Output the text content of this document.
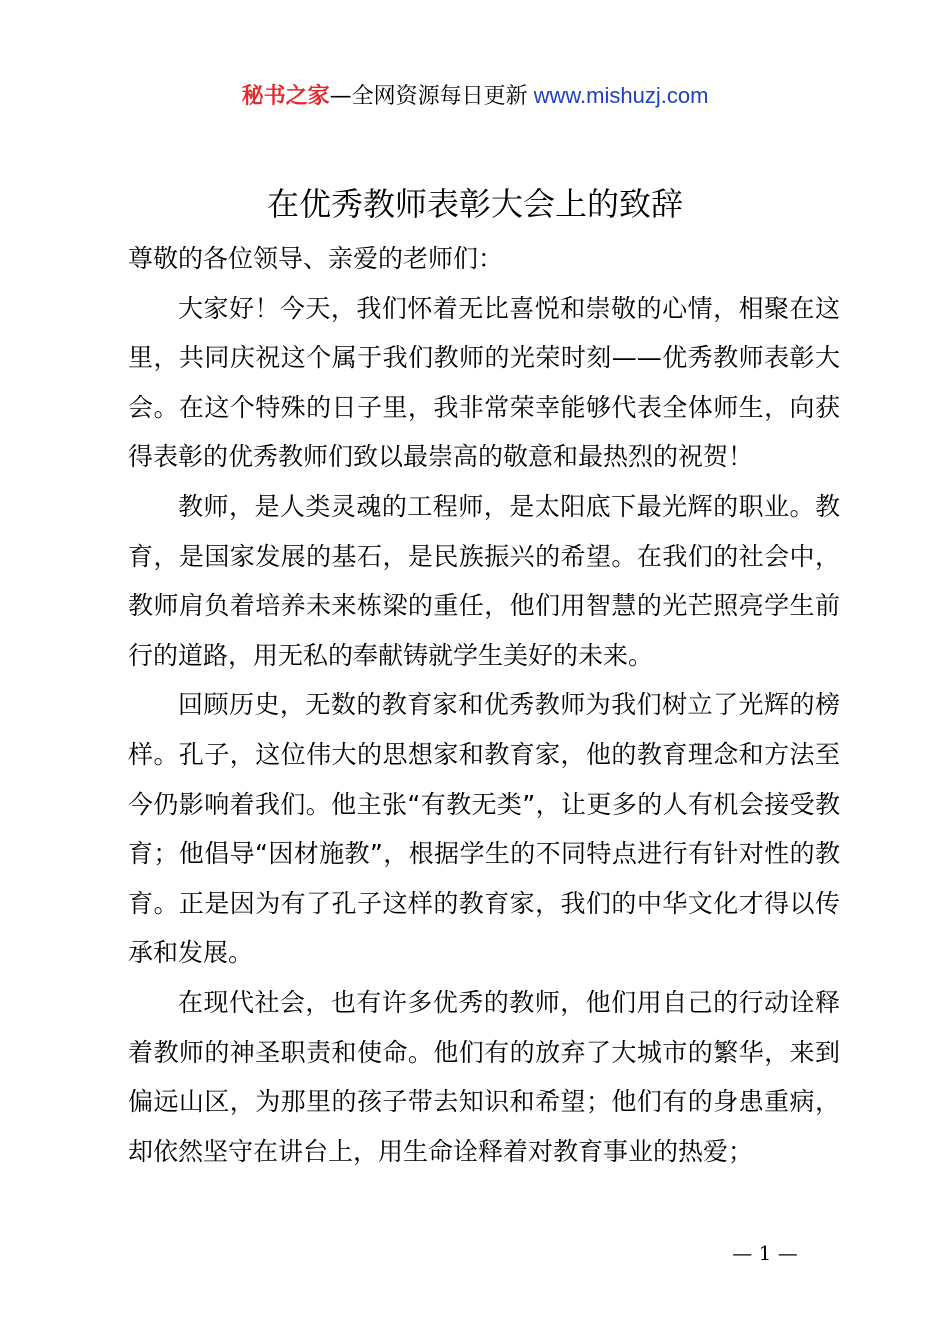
秘书之家—全网资源每日更新 www.mishuzj.com
在优秀教师表彰大会上的致辞

尊敬的各位领导、亲爱的老师们：

大家好！今天，我们怀着无比喜悦和崇敬的心情，相聚在这里，共同庆祝这个属于我们教师的光荣时刻——优秀教师表彰大会。在这个特殊的日子里，我非常荣幸能够代表全体师生，向获得表彰的优秀教师们致以最崇高的敬意和最热烈的祝贺！

教师，是人类灵魂的工程师，是太阳底下最光辉的职业。教育，是国家发展的基石，是民族振兴的希望。在我们的社会中，教师肩负着培养未来栋梁的重任，他们用智慧的光芒照亮学生前行的道路，用无私的奉献铸就学生美好的未来。

回顾历史，无数的教育家和优秀教师为我们树立了光辉的榜样。孔子，这位伟大的思想家和教育家，他的教育理念和方法至今仍影响着我们。他主张“有教无类”，让更多的人有机会接受教育；他倡导“因材施教”，根据学生的不同特点进行有针对性的教育。正是因为有了孔子这样的教育家，我们的中华文化才得以传承和发展。

在现代社会，也有许多优秀的教师，他们用自己的行动诠释着教师的神圣职责和使命。他们有的放弃了大城市的繁华，来到偏远山区，为那里的孩子带去知识和希望；他们有的身患重病，却依然坚守在讲台上，用生命诠释着对教育事业的热爱；

— 1 —
